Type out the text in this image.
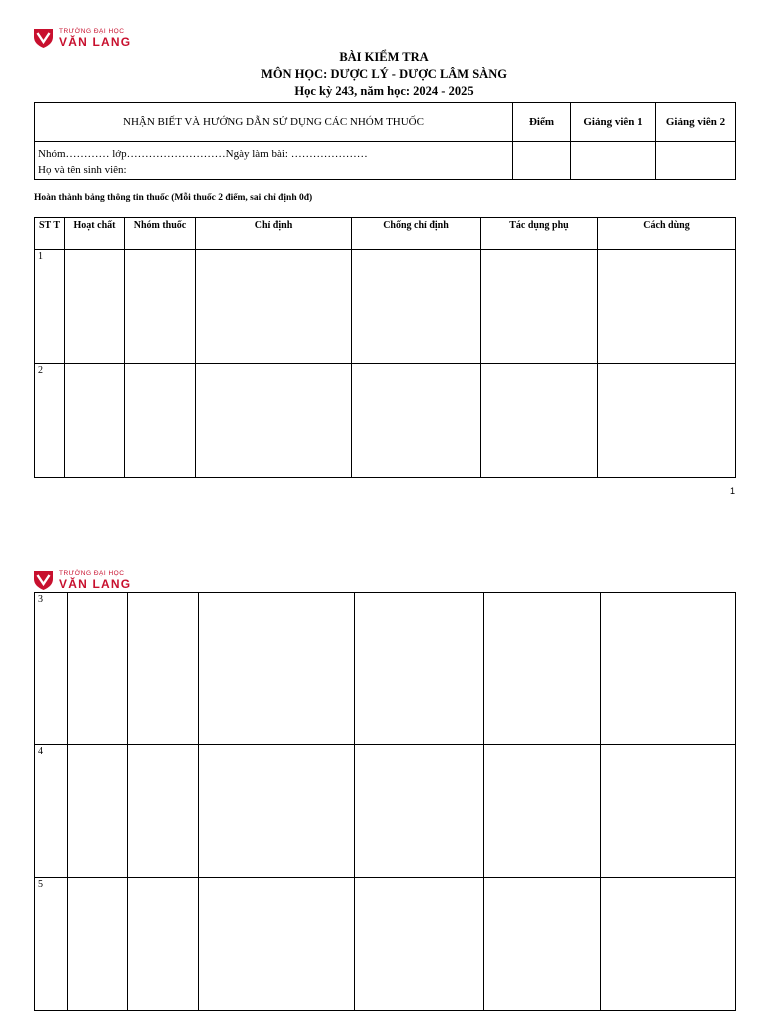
TRƯỜNG ĐẠI HỌC
VĂN LANG
BÀI KIỂM TRA
MÔN HỌC: DƯỢC LÝ - DƯỢC LÂM SÀNG
Học kỳ 243, năm học: 2024 - 2025
NHẬN BIẾT VÀ HƯỚNG DẪN SỬ DỤNG CÁC NHÓM THUỐC	Điểm	Giảng viên 1	Giảng viên 2

Nhóm………… lớp………………………Ngày làm bài: …………………
Họ và tên sinh viên:			

Hoàn thành bảng thông tin thuốc (Mỗi thuốc 2 điểm, sai chỉ định 0đ)
ST T	Hoạt chất	Nhóm thuốc	Chỉ định	Chống chỉ định	Tác dụng phụ	Cách dùng
1						
2						
1
TRƯỜNG ĐẠI HỌC
VĂN LANG
3						
4						
5						
